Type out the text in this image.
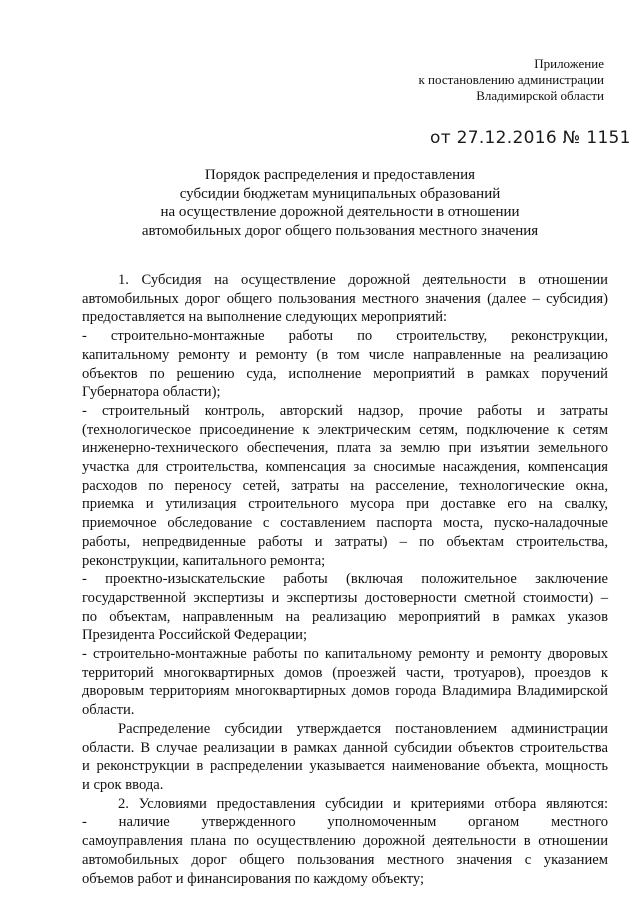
Приложение
к постановлению администрации
Владимирской области
от 27.12.2016 № 1151
Порядок распределения и предоставления
субсидии бюджетам муниципальных образований
на осуществление дорожной деятельности в отношении
автомобильных дорог общего пользования местного значения
1. Субсидия на осуществление дорожной деятельности в отношении
автомобильных дорог общего пользования местного значения (далее – субсидия)
предоставляется на выполнение следующих мероприятий:
- строительно-монтажные работы по строительству, реконструкции,
капитальному ремонту и ремонту (в том числе направленные на реализацию
объектов по решению суда, исполнение мероприятий в рамках поручений
Губернатора области);
- строительный контроль, авторский надзор, прочие работы и затраты
(технологическое присоединение к электрическим сетям, подключение к сетям
инженерно-технического обеспечения, плата за землю при изъятии земельного
участка для строительства, компенсация за сносимые насаждения, компенсация
расходов по переносу сетей, затраты на расселение, технологические окна,
приемка и утилизация строительного мусора при доставке его на свалку,
приемочное обследование с составлением паспорта моста, пуско-наладочные
работы, непредвиденные работы и затраты) – по объектам строительства,
реконструкции, капитального ремонта;
- проектно-изыскательские работы (включая положительное заключение
государственной экспертизы и экспертизы достоверности сметной стоимости) –
по объектам, направленным на реализацию мероприятий в рамках указов
Президента Российской Федерации;
- строительно-монтажные работы по капитальному ремонту и ремонту дворовых
территорий многоквартирных домов (проезжей части, тротуаров), проездов к
дворовым территориям многоквартирных домов города Владимира Владимирской
области.
Распределение субсидии утверждается постановлением администрации
области. В случае реализации в рамках данной субсидии объектов строительства
и реконструкции в распределении указывается наименование объекта, мощность
и срок ввода.
2. Условиями предоставления субсидии и критериями отбора являются:
- наличие утвержденного уполномоченным органом местного
самоуправления плана по осуществлению дорожной деятельности в отношении
автомобильных дорог общего пользования местного значения с указанием
объемов работ и финансирования по каждому объекту;
